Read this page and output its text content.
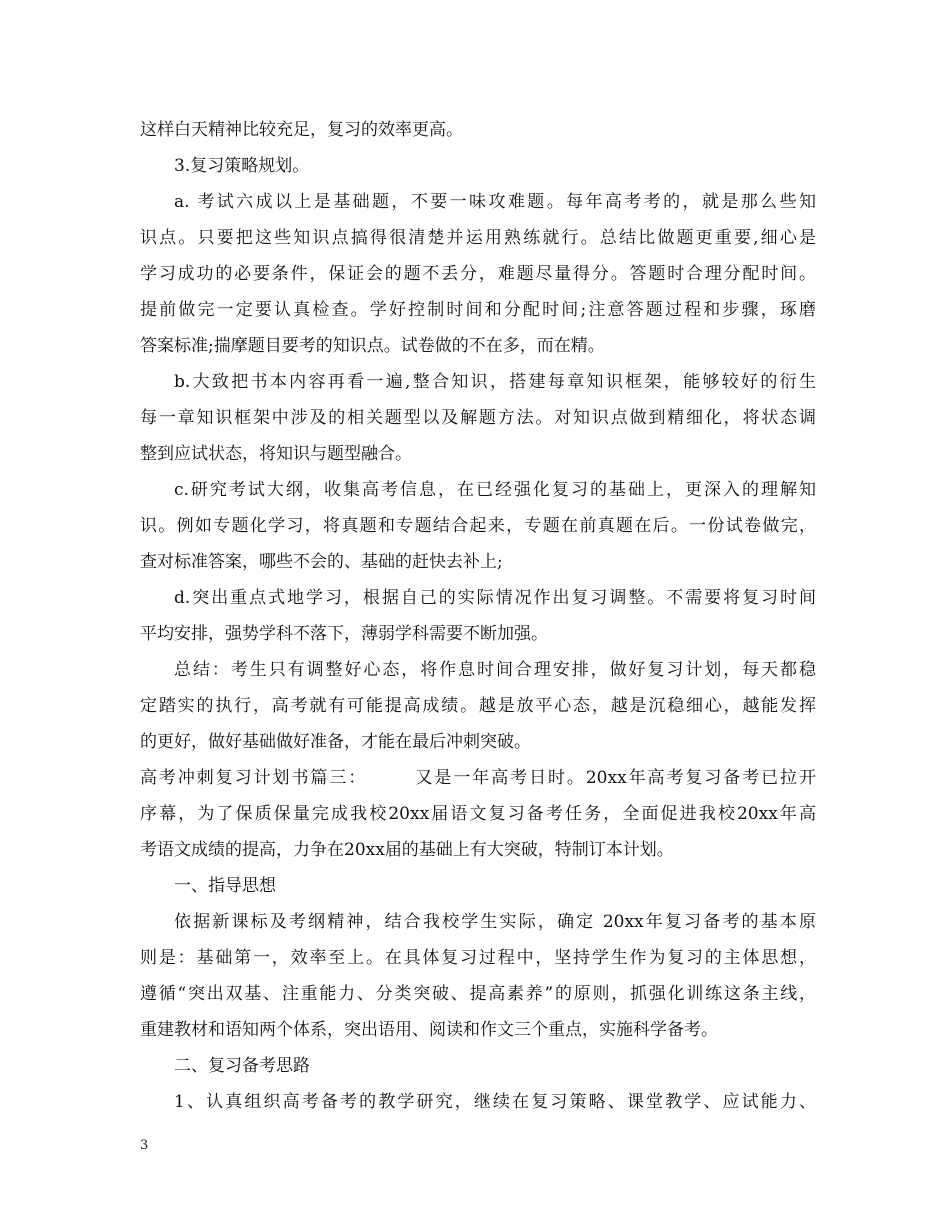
这样白天精神比较充足，复习的效率更高。
3.复习策略规划。
a. 考试六成以上是基础题，不要一味攻难题。每年高考考的，就是那么些知
识点。只要把这些知识点搞得很清楚并运用熟练就行。总结比做题更重要,细心是
学习成功的必要条件，保证会的题不丢分，难题尽量得分。答题时合理分配时间。
提前做完一定要认真检查。学好控制时间和分配时间;注意答题过程和步骤，琢磨
答案标准;揣摩题目要考的知识点。试卷做的不在多，而在精。
b.大致把书本内容再看一遍,整合知识，搭建每章知识框架，能够较好的衍生
每一章知识框架中涉及的相关题型以及解题方法。对知识点做到精细化，将状态调
整到应试状态，将知识与题型融合。
c.研究考试大纲，收集高考信息，在已经强化复习的基础上，更深入的理解知
识。例如专题化学习，将真题和专题结合起来，专题在前真题在后。一份试卷做完，
查对标准答案，哪些不会的、基础的赶快去补上;
d.突出重点式地学习，根据自己的实际情况作出复习调整。不需要将复习时间
平均安排，强势学科不落下，薄弱学科需要不断加强。
总结：考生只有调整好心态，将作息时间合理安排，做好复习计划，每天都稳
定踏实的执行，高考就有可能提高成绩。越是放平心态，越是沉稳细心，越能发挥
的更好，做好基础做好准备，才能在最后冲刺突破。
高考冲刺复习计划书篇三：　　　又是一年高考日时。20xx年高考复习备考已拉开
序幕，为了保质保量完成我校20xx届语文复习备考任务，全面促进我校20xx年高
考语文成绩的提高，力争在20xx届的基础上有大突破，特制订本计划。
一、指导思想
依据新课标及考纲精神，结合我校学生实际，确定 20xx年复习备考的基本原
则是：基础第一，效率至上。在具体复习过程中，坚持学生作为复习的主体思想，
遵循“突出双基、注重能力、分类突破、提高素养”的原则，抓强化训练这条主线，
重建教材和语知两个体系，突出语用、阅读和作文三个重点，实施科学备考。
二、复习备考思路
1、认真组织高考备考的教学研究，继续在复习策略、课堂教学、应试能力、
3
